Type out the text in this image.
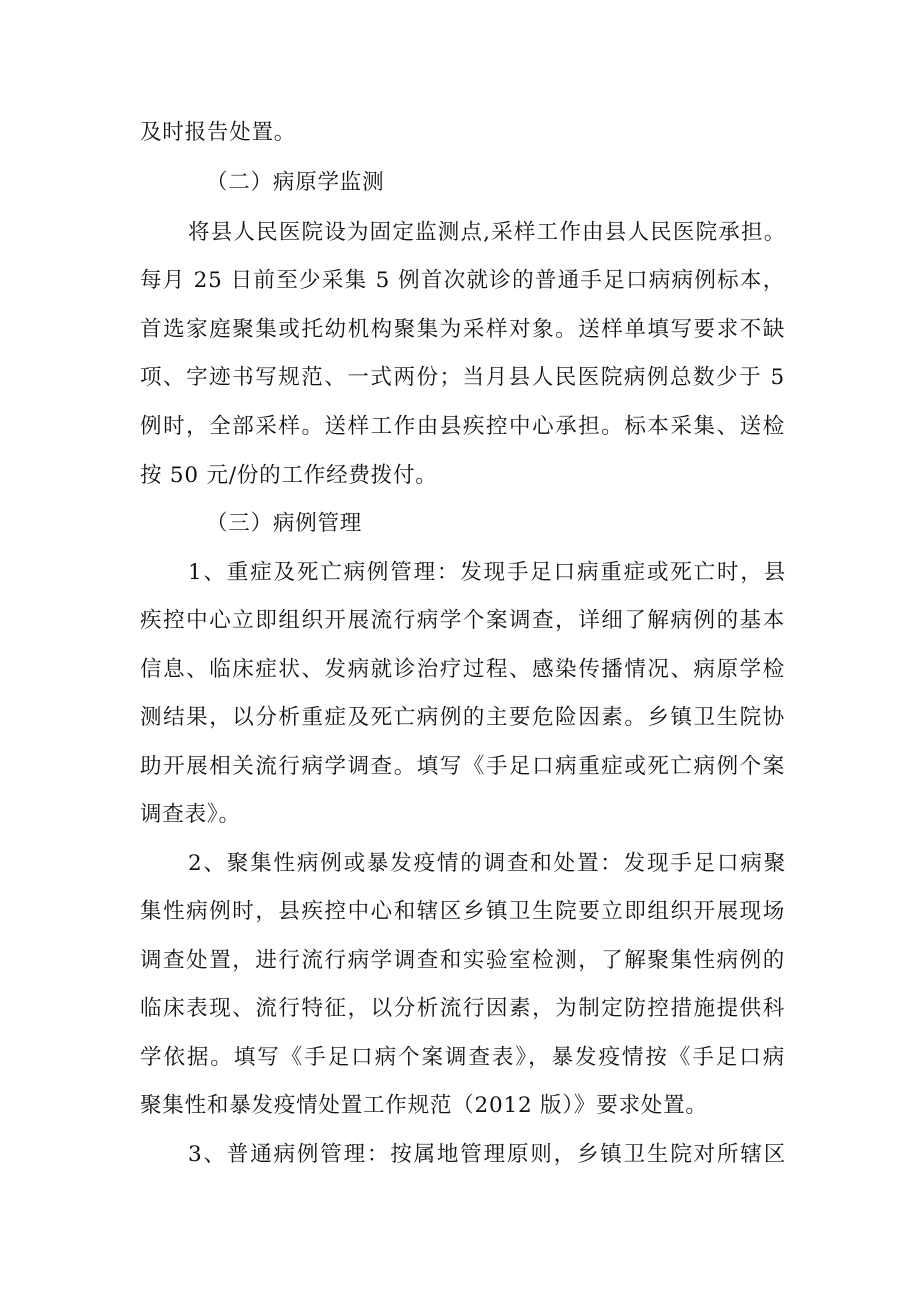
及时报告处置。
（二）病原学监测
将县人民医院设为固定监测点,采样工作由县人民医院承担。
每月 25 日前至少采集 5 例首次就诊的普通手足口病病例标本，
首选家庭聚集或托幼机构聚集为采样对象。送样单填写要求不缺
项、字迹书写规范、一式两份；当月县人民医院病例总数少于 5
例时，全部采样。送样工作由县疾控中心承担。标本采集、送检
按 50 元/份的工作经费拨付。
（三）病例管理
1、重症及死亡病例管理：发现手足口病重症或死亡时，县
疾控中心立即组织开展流行病学个案调查，详细了解病例的基本
信息、临床症状、发病就诊治疗过程、感染传播情况、病原学检
测结果，以分析重症及死亡病例的主要危险因素。乡镇卫生院协
助开展相关流行病学调查。填写《手足口病重症或死亡病例个案
调查表》。
2、聚集性病例或暴发疫情的调查和处置：发现手足口病聚
集性病例时，县疾控中心和辖区乡镇卫生院要立即组织开展现场
调查处置，进行流行病学调查和实验室检测，了解聚集性病例的
临床表现、流行特征，以分析流行因素，为制定防控措施提供科
学依据。填写《手足口病个案调查表》，暴发疫情按《手足口病
聚集性和暴发疫情处置工作规范（2012 版）》要求处置。
3、普通病例管理：按属地管理原则，乡镇卫生院对所辖区
